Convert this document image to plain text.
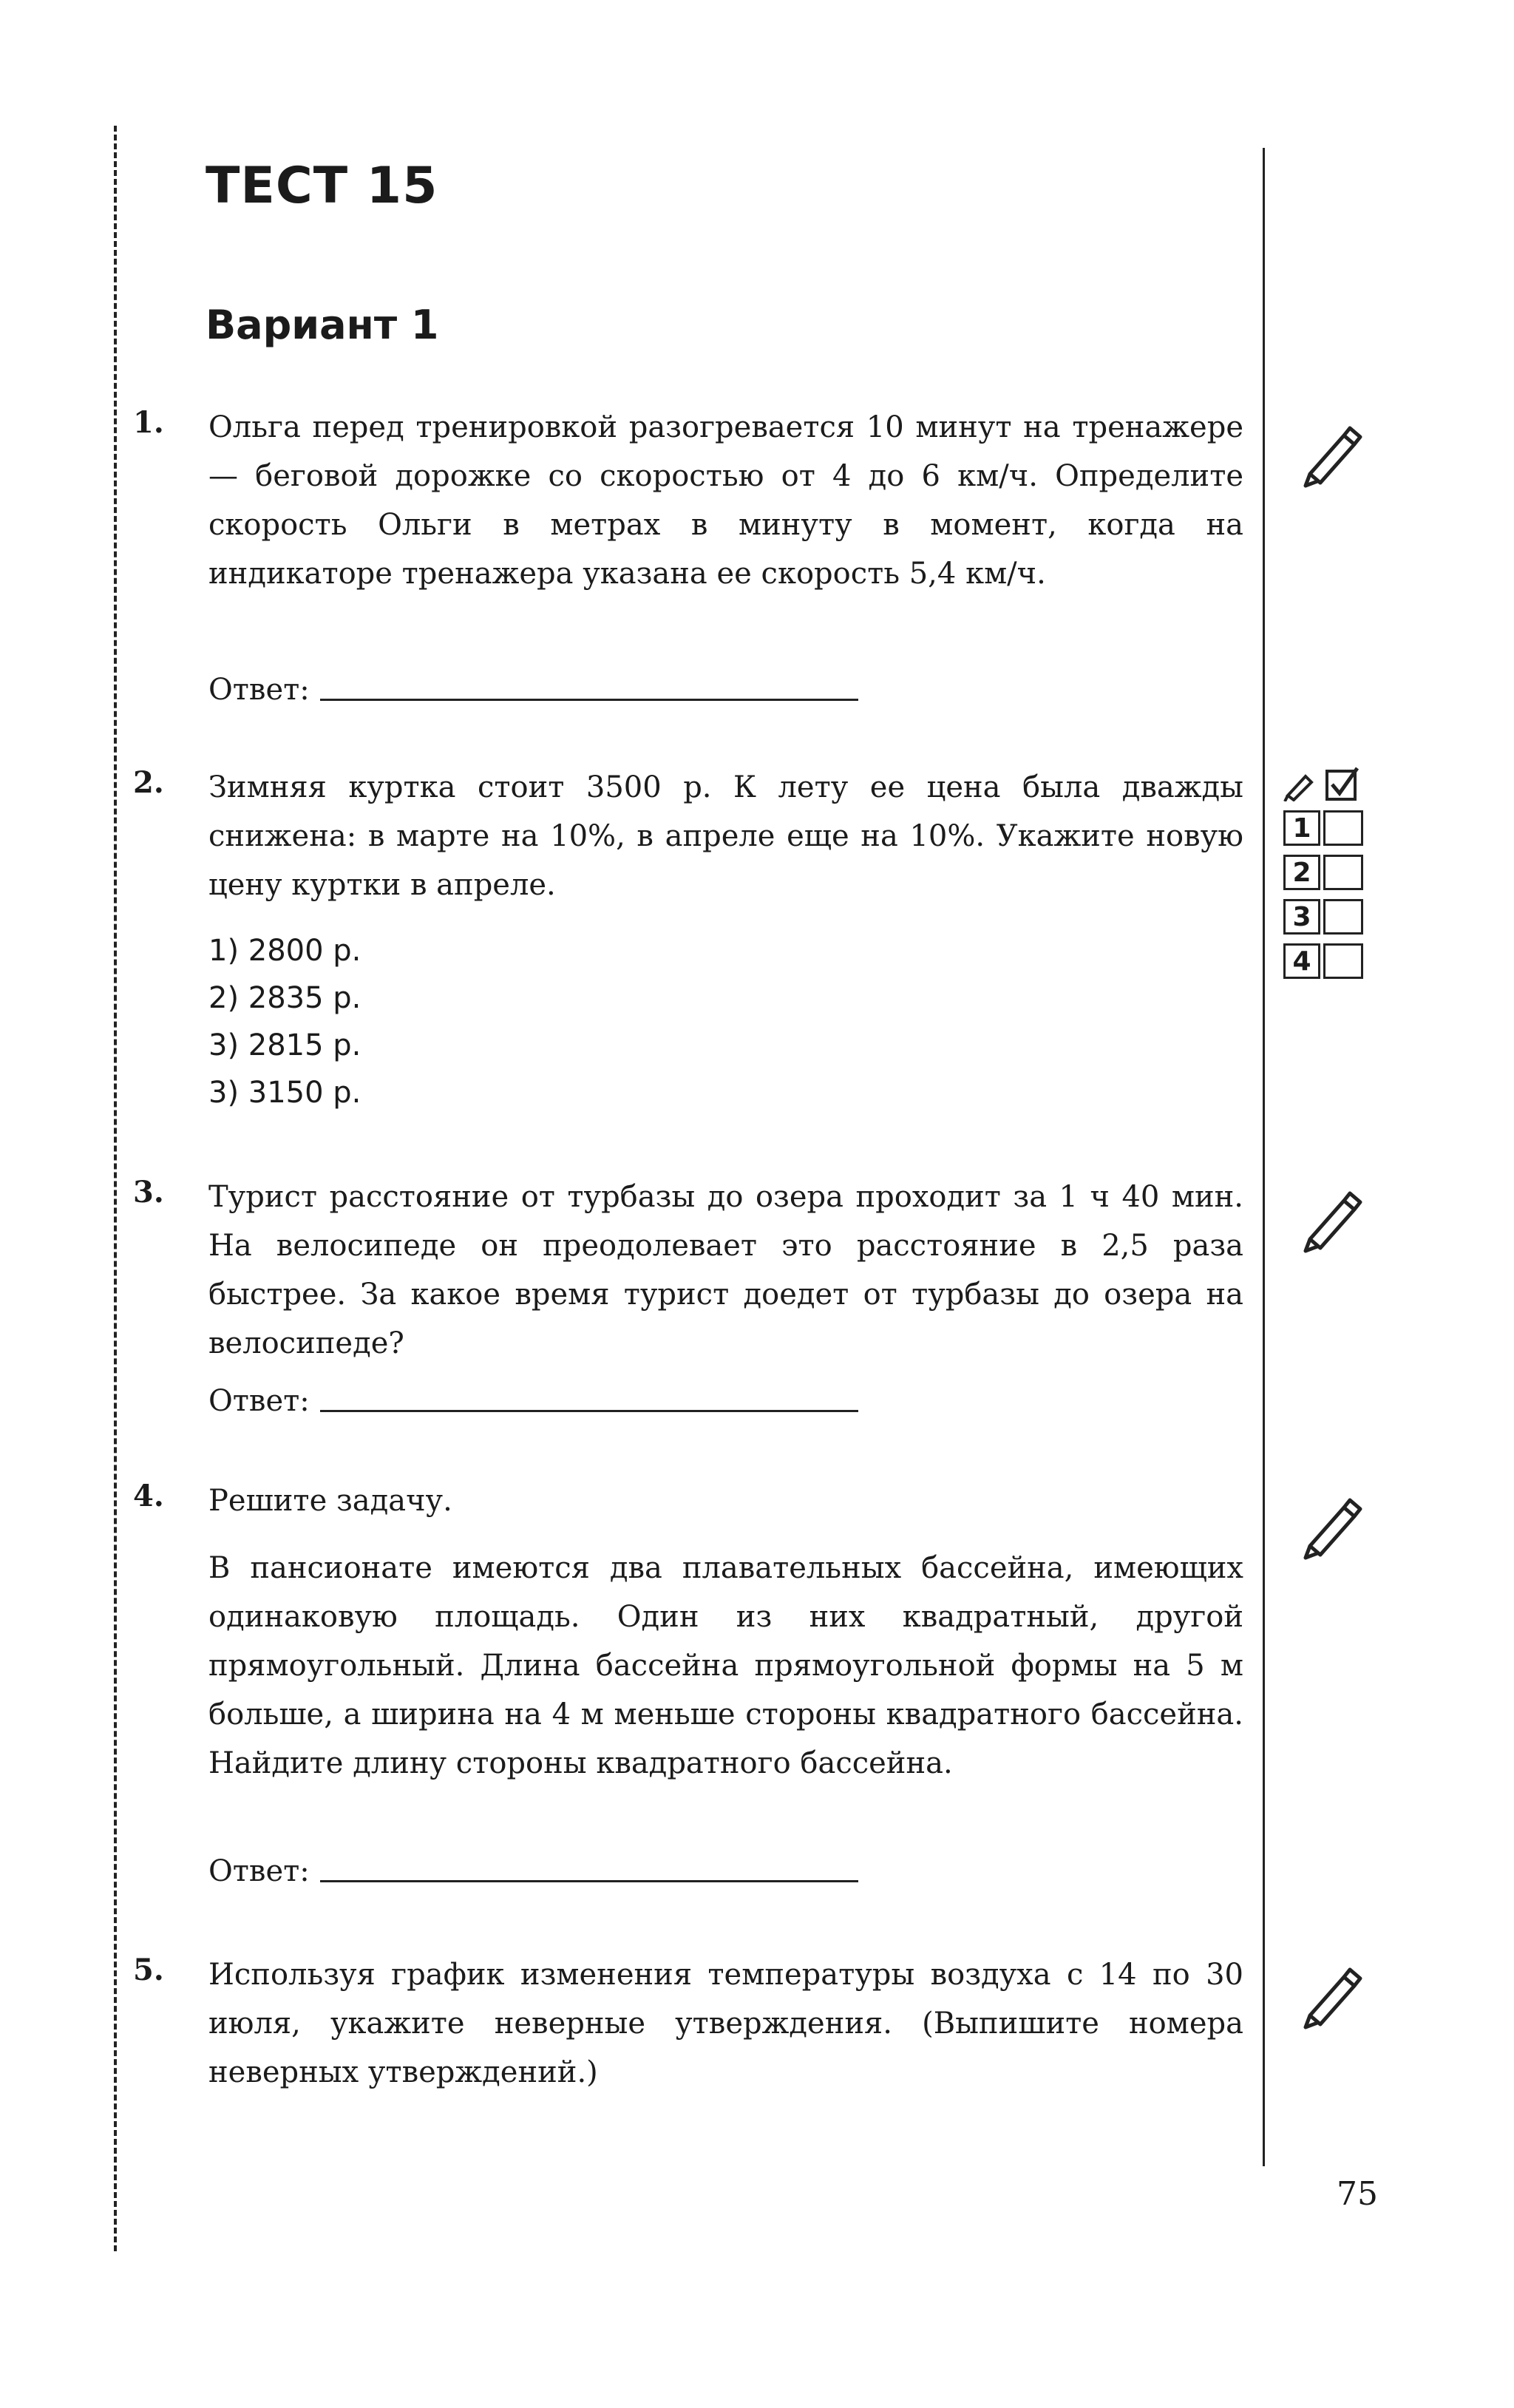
ТЕСТ 15
Вариант 1
1. Ольга перед тренировкой разогревается 10 минут на тренажере — беговой дорожке со скоростью от 4 до 6 км/ч. Определите скорость Ольги в метрах в минуту в момент, когда на индикаторе тренажера указана ее скорость 5,4 км/ч.

Ответ:
2. Зимняя куртка стоит 3500 р. К лету ее цена была дважды снижена: в марте на 10%, в апреле еще на 10%. Укажите новую цену куртки в апреле.

1) 2800 р.
2) 2835 р.
3) 2815 р.
3) 3150 р.
1
2
3
4
3. Турист расстояние от турбазы до озера проходит за 1 ч 40 мин. На велосипеде он преодолевает это расстояние в 2,5 раза быстрее. За какое время турист доедет от турбазы до озера на велосипеде?

Ответ:
4. Решите задачу.

В пансионате имеются два плавательных бассейна, имеющих одинаковую площадь. Один из них квадратный, другой прямоугольный. Длина бассейна прямоугольной формы на 5 м больше, а ширина на 4 м меньше стороны квадратного бассейна. Найдите длину стороны квадратного бассейна.

Ответ:
5. Используя график изменения температуры воздуха с 14 по 30 июля, укажите неверные утверждения. (Выпишите номера неверных утверждений.)

75
